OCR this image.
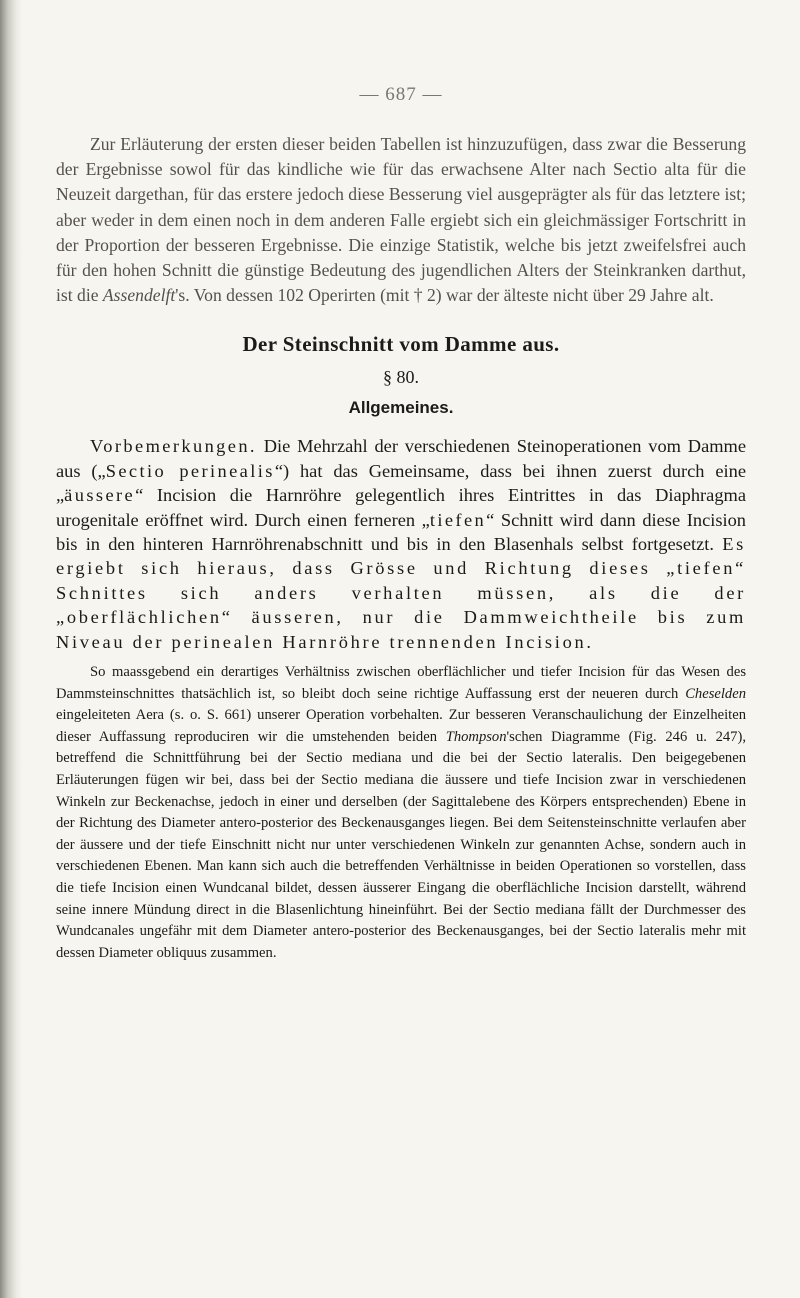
— 687 —

Zur Erläuterung der ersten dieser beiden Tabellen ist hinzuzufügen, dass zwar die Besserung der Ergebnisse sowol für das kindliche wie für das erwachsene Alter nach Sectio alta für die Neuzeit dargethan, für das erstere jedoch diese Besserung viel ausgeprägter als für das letztere ist; aber weder in dem einen noch in dem anderen Falle ergiebt sich ein gleichmässiger Fortschritt in der Proportion der besseren Ergebnisse. Die einzige Statistik, welche bis jetzt zweifelsfrei auch für den hohen Schnitt die günstige Bedeutung des jugendlichen Alters der Steinkranken darthut, ist die Assendelft's. Von dessen 102 Operirten (mit † 2) war der älteste nicht über 29 Jahre alt.

Der Steinschnitt vom Damme aus.
§ 80.
Allgemeines.

Vorbemerkungen. Die Mehrzahl der verschiedenen Steinoperationen vom Damme aus („Sectio perinealis“) hat das Gemeinsame, dass bei ihnen zuerst durch eine „äussere“ Incision die Harnröhre gelegentlich ihres Eintrittes in das Diaphragma urogenitale eröffnet wird. Durch einen ferneren „tiefen“ Schnitt wird dann diese Incision bis in den hinteren Harnröhrenabschnitt und bis in den Blasenhals selbst fortgesetzt. Es ergiebt sich hieraus, dass Grösse und Richtung dieses „tiefen“ Schnittes sich anders verhalten müssen, als die der „oberflächlichen“ äusseren, nur die Dammweichtheile bis zum Niveau der perinealen Harnröhre trennenden Incision.

So maassgebend ein derartiges Verhältniss zwischen oberflächlicher und tiefer Incision für das Wesen des Dammsteinschnittes thatsächlich ist, so bleibt doch seine richtige Auffassung erst der neueren durch Cheselden eingeleiteten Aera (s. o. S. 661) unserer Operation vorbehalten. Zur besseren Veranschaulichung der Einzelheiten dieser Auffassung reproduciren wir die umstehenden beiden Thompson'schen Diagramme (Fig. 246 u. 247), betreffend die Schnittführung bei der Sectio mediana und die bei der Sectio lateralis. Den beigegebenen Erläuterungen fügen wir bei, dass bei der Sectio mediana die äussere und tiefe Incision zwar in verschiedenen Winkeln zur Beckenachse, jedoch in einer und derselben (der Sagittalebene des Körpers entsprechenden) Ebene in der Richtung des Diameter antero-posterior des Beckenausganges liegen. Bei dem Seitensteinschnitte verlaufen aber der äussere und der tiefe Einschnitt nicht nur unter verschiedenen Winkeln zur genannten Achse, sondern auch in verschiedenen Ebenen. Man kann sich auch die betreffenden Verhältnisse in beiden Operationen so vorstellen, dass die tiefe Incision einen Wundcanal bildet, dessen äusserer Eingang die oberflächliche Incision darstellt, während seine innere Mündung direct in die Blasenlichtung hineinführt. Bei der Sectio mediana fällt der Durchmesser des Wundcanales ungefähr mit dem Diameter antero-posterior des Beckenausganges, bei der Sectio lateralis mehr mit dessen Diameter obliquus zusammen.
